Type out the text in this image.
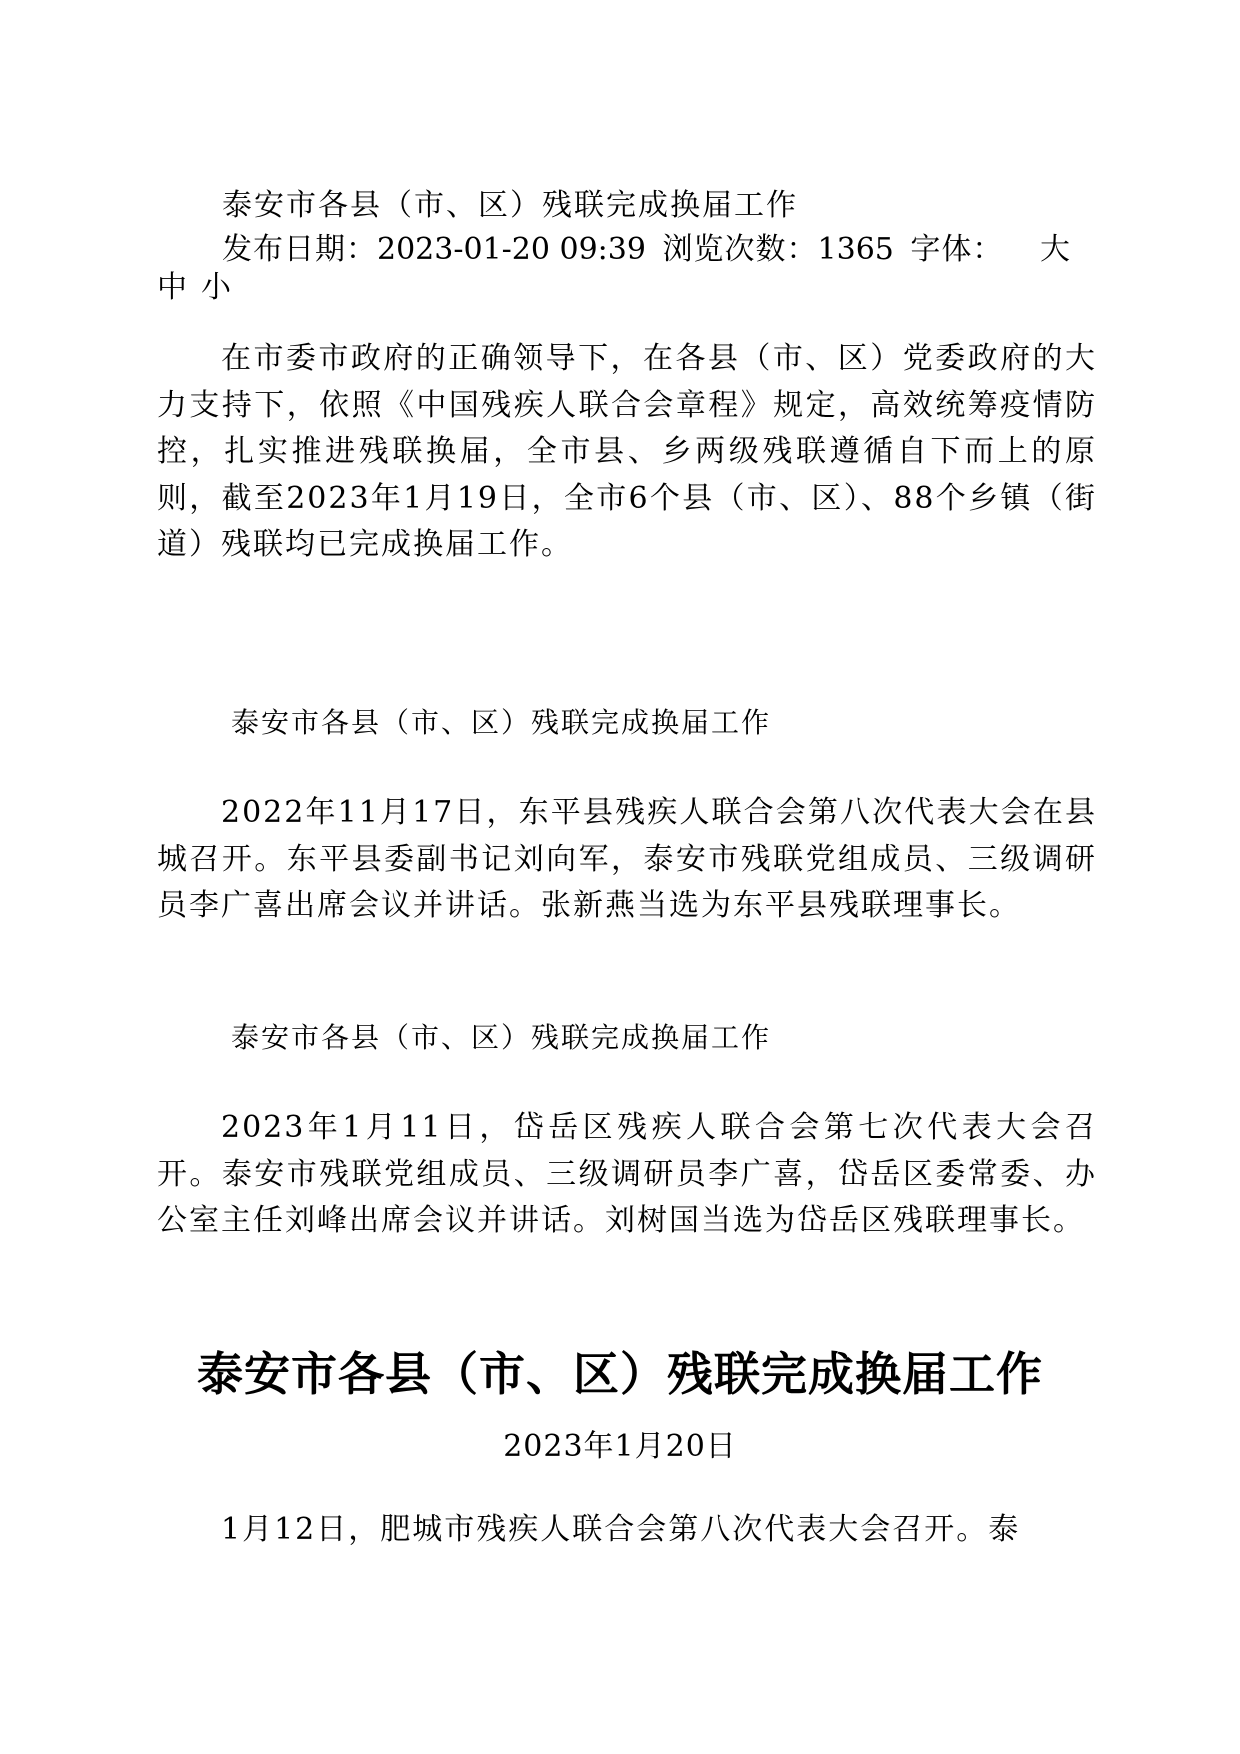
泰安市各县（市、区）残联完成换届工作
发布日期：2023-01-20 09:39 浏览次数：1365 字体： 大
中 小
在市委市政府的正确领导下，在各县（市、区）党委政府的大力支持下，依照《中国残疾人联合会章程》规定，高效统筹疫情防控，扎实推进残联换届，全市县、乡两级残联遵循自下而上的原则，截至2023年1月19日，全市6个县（市、区）、88个乡镇（街道）残联均已完成换届工作。
泰安市各县（市、区）残联完成换届工作
2022年11月17日，东平县残疾人联合会第八次代表大会在县城召开。东平县委副书记刘向军，泰安市残联党组成员、三级调研员李广喜出席会议并讲话。张新燕当选为东平县残联理事长。
泰安市各县（市、区）残联完成换届工作
2023年1月11日，岱岳区残疾人联合会第七次代表大会召开。泰安市残联党组成员、三级调研员李广喜，岱岳区委常委、办公室主任刘峰出席会议并讲话。刘树国当选为岱岳区残联理事长。
泰安市各县（市、区）残联完成换届工作
2023年1月20日
1月12日，肥城市残疾人联合会第八次代表大会召开。泰
